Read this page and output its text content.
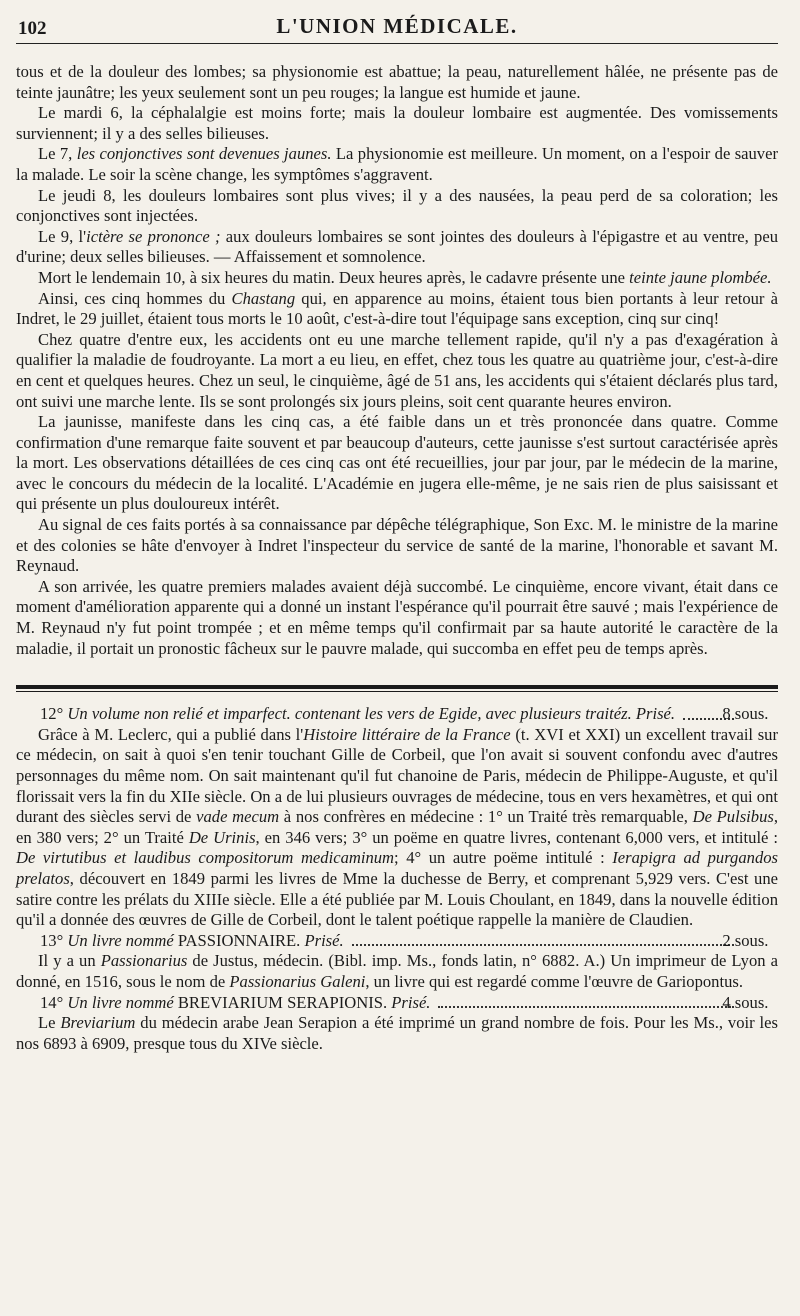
102	L'UNION MÉDICALE.

tous et de la douleur des lombes; sa physionomie est abattue; la peau, naturellement hâlée, ne présente pas de teinte jaunâtre; les yeux seulement sont un peu rouges; la langue est humide et jaune.

Le mardi 6, la céphalalgie est moins forte; mais la douleur lombaire est augmentée. Des vomissements surviennent; il y a des selles bilieuses.

Le 7, les conjonctives sont devenues jaunes. La physionomie est meilleure. Un moment, on a l'espoir de sauver la malade. Le soir la scène change, les symptômes s'aggravent.

Le jeudi 8, les douleurs lombaires sont plus vives; il y a des nausées, la peau perd de sa coloration; les conjonctives sont injectées.

Le 9, l'ictère se prononce ; aux douleurs lombaires se sont jointes des douleurs à l'épigastre et au ventre, peu d'urine; deux selles bilieuses. — Affaissement et somnolence.

Mort le lendemain 10, à six heures du matin. Deux heures après, le cadavre présente une teinte jaune plombée.

Ainsi, ces cinq hommes du Chastang qui, en apparence au moins, étaient tous bien portants à leur retour à Indret, le 29 juillet, étaient tous morts le 10 août, c'est-à-dire tout l'équipage sans exception, cinq sur cinq!

Chez quatre d'entre eux, les accidents ont eu une marche tellement rapide, qu'il n'y a pas d'exagération à qualifier la maladie de foudroyante. La mort a eu lieu, en effet, chez tous les quatre au quatrième jour, c'est-à-dire en cent et quelques heures. Chez un seul, le cinquième, âgé de 51 ans, les accidents qui s'étaient déclarés plus tard, ont suivi une marche lente. Ils se sont prolongés six jours pleins, soit cent quarante heures environ.

La jaunisse, manifeste dans les cinq cas, a été faible dans un et très prononcée dans quatre. Comme confirmation d'une remarque faite souvent et par beaucoup d'auteurs, cette jaunisse s'est surtout caractérisée après la mort. Les observations détaillées de ces cinq cas ont été recueillies, jour par jour, par le médecin de la marine, avec le concours du médecin de la localité. L'Académie en jugera elle-même, je ne sais rien de plus saisissant et qui présente un plus douloureux intérêt.

Au signal de ces faits portés à sa connaissance par dépêche télégraphique, Son Exc. M. le ministre de la marine et des colonies se hâte d'envoyer à Indret l'inspecteur du service de santé de la marine, l'honorable et savant M. Reynaud.

A son arrivée, les quatre premiers malades avaient déjà succombé. Le cinquième, encore vivant, était dans ce moment d'amélioration apparente qui a donné un instant l'espérance qu'il pourrait être sauvé ; mais l'expérience de M. Reynaud n'y fut point trompée ; et en même temps qu'il confirmait par sa haute autorité le caractère de la maladie, il portait un pronostic fâcheux sur le pauvre malade, qui succomba en effet peu de temps après.

12° Un volume non relié et imparfect. contenant les vers de Egide, avec plusieurs traitéz. Prisé.	8 sous.

Grâce à M. Leclerc, qui a publié dans l'Histoire littéraire de la France (t. XVI et XXI) un excellent travail sur ce médecin, on sait à quoi s'en tenir touchant Gille de Corbeil, que l'on avait si souvent confondu avec d'autres personnages du même nom. On sait maintenant qu'il fut chanoine de Paris, médecin de Philippe-Auguste, et qu'il florissait vers la fin du XIIe siècle. On a de lui plusieurs ouvrages de médecine, tous en vers hexamètres, et qui ont durant des siècles servi de vade mecum à nos confrères en médecine : 1° un Traité très remarquable, De Pulsibus, en 380 vers; 2° un Traité De Urinis, en 346 vers; 3° un poëme en quatre livres, contenant 6,000 vers, et intitulé : De virtutibus et laudibus compositorum medicaminum; 4° un autre poëme intitulé : Ierapigra ad purgandos prelatos, découvert en 1849 parmi les livres de Mme la duchesse de Berry, et comprenant 5,929 vers. C'est une satire contre les prélats du XIIIe siècle. Elle a été publiée par M. Louis Choulant, en 1849, dans la nouvelle édition qu'il a donnée des œuvres de Gille de Corbeil, dont le talent poétique rappelle la manière de Claudien.

13° Un livre nommé PASSIONNAIRE. Prisé.	2 sous.

Il y a un Passionarius de Justus, médecin. (Bibl. imp. Ms., fonds latin, n° 6882. A.) Un imprimeur de Lyon a donné, en 1516, sous le nom de Passionarius Galeni, un livre qui est regardé comme l'œuvre de Gariopontus.

14° Un livre nommé BREVIARIUM SERAPIONIS. Prisé.	4 sous.

Le Breviarium du médecin arabe Jean Serapion a été imprimé un grand nombre de fois. Pour les Ms., voir les nos 6893 à 6909, presque tous du XIVe siècle.
